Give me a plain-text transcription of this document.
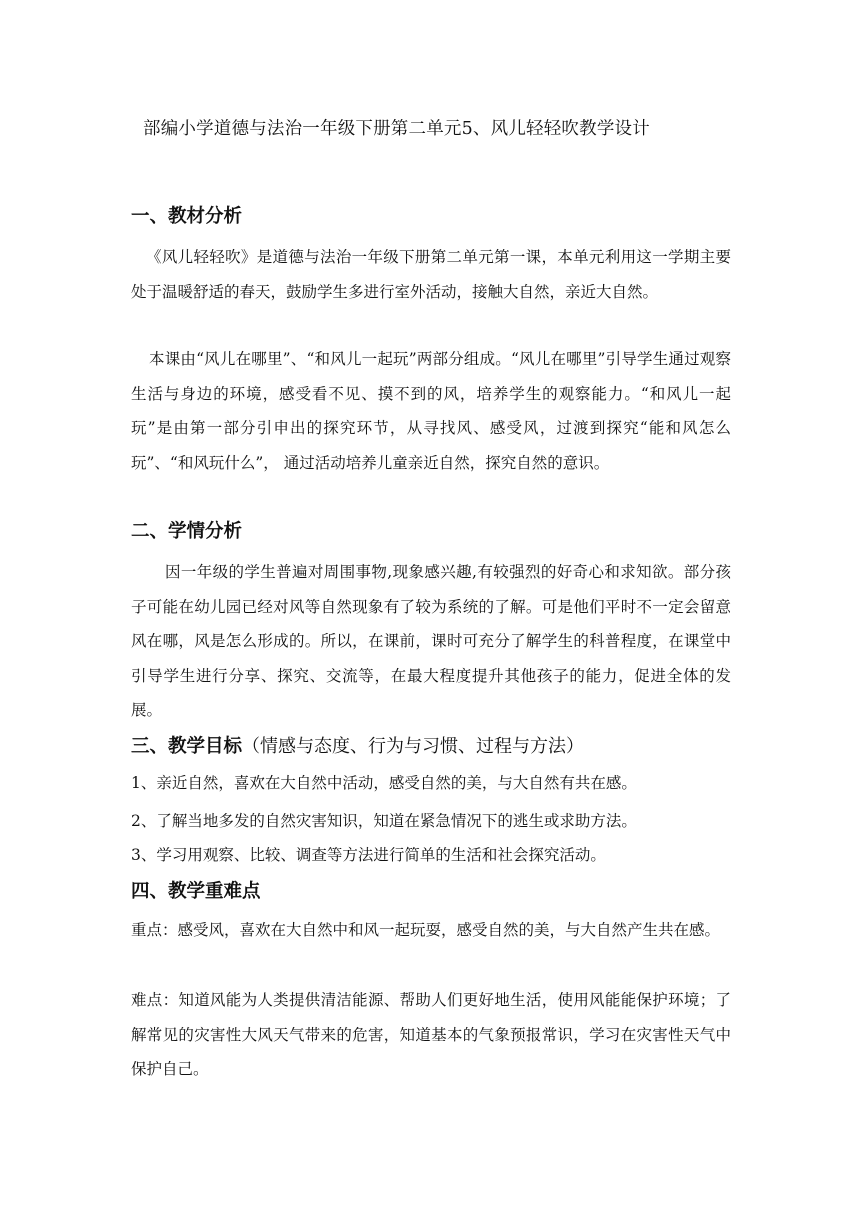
部编小学道德与法治一年级下册第二单元5、风儿轻轻吹教学设计
一、教材分析

《风儿轻轻吹》是道德与法治一年级下册第二单元第一课，本单元利用这一学期主要处于温暖舒适的春天，鼓励学生多进行室外活动，接触大自然，亲近大自然。

本课由“风儿在哪里”、“和风儿一起玩”两部分组成。“风儿在哪里”引导学生通过观察生活与身边的环境，感受看不见、摸不到的风，培养学生的观察能力。“和风儿一起玩”是由第一部分引申出的探究环节，从寻找风、感受风，过渡到探究“能和风怎么玩”、“和风玩什么”， 通过活动培养儿童亲近自然，探究自然的意识。

二、学情分析

因一年级的学生普遍对周围事物,现象感兴趣,有较强烈的好奇心和求知欲。部分孩子可能在幼儿园已经对风等自然现象有了较为系统的了解。可是他们平时不一定会留意风在哪，风是怎么形成的。所以，在课前，课时可充分了解学生的科普程度，在课堂中引导学生进行分享、探究、交流等，在最大程度提升其他孩子的能力，促进全体的发展。

三、教学目标（情感与态度、行为与习惯、过程与方法）
1、亲近自然，喜欢在大自然中活动，感受自然的美，与大自然有共在感。
2、了解当地多发的自然灾害知识，知道在紧急情况下的逃生或求助方法。
3、学习用观察、比较、调查等方法进行简单的生活和社会探究活动。
四、教学重难点

重点：感受风，喜欢在大自然中和风一起玩耍，感受自然的美，与大自然产生共在感。

难点：知道风能为人类提供清洁能源、帮助人们更好地生活，使用风能能保护环境；了解常见的灾害性大风天气带来的危害，知道基本的气象预报常识，学习在灾害性天气中保护自己。
